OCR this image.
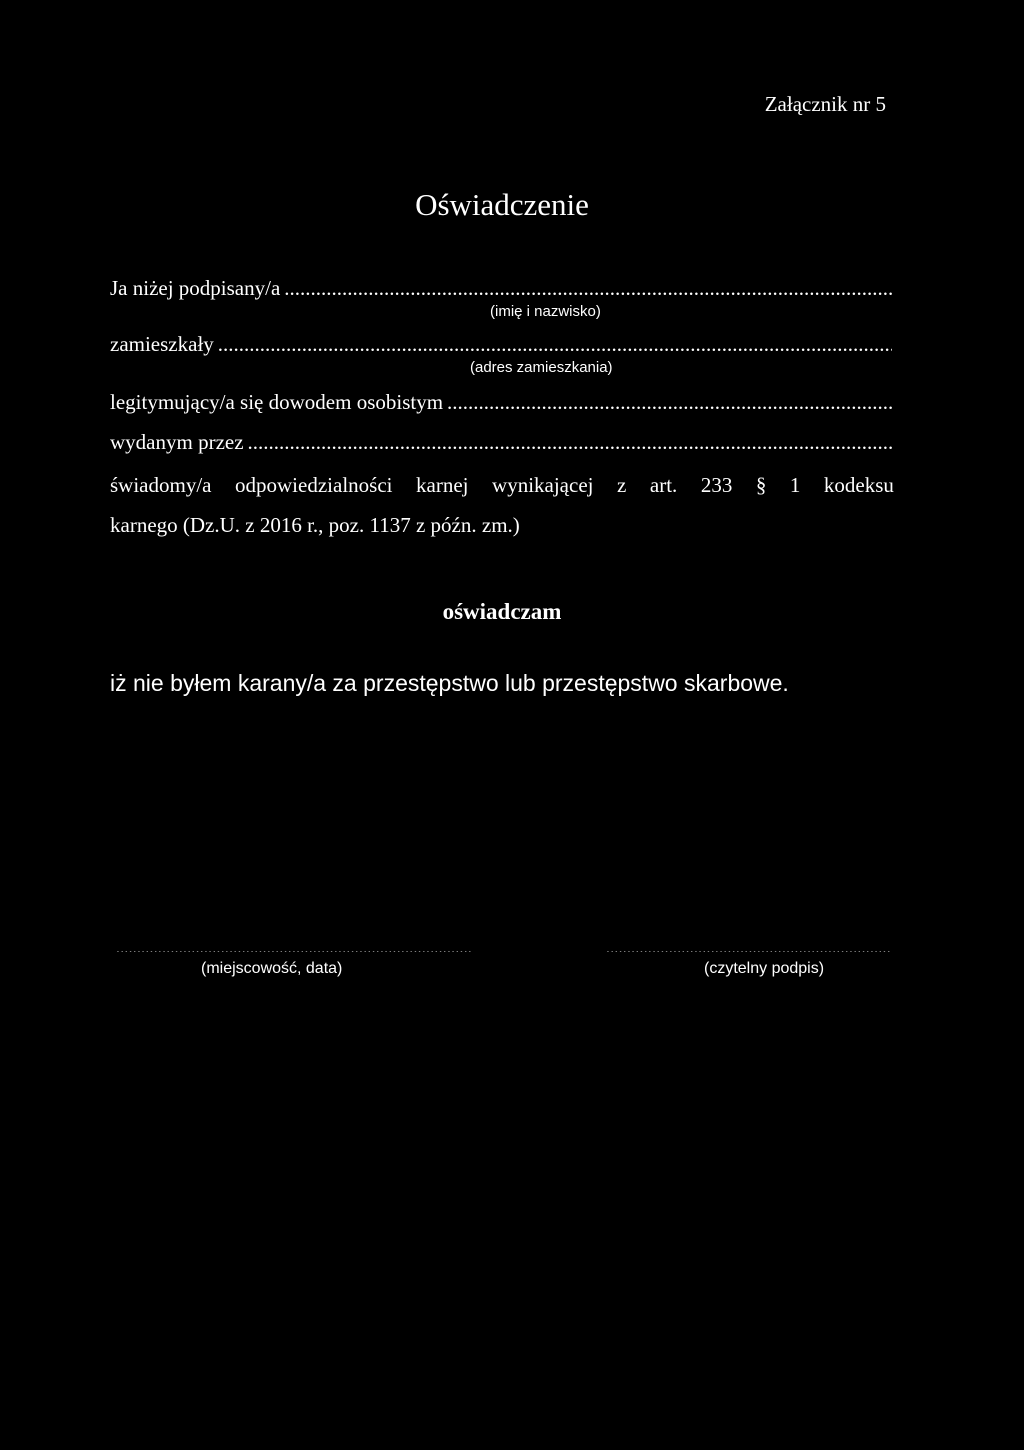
Załącznik nr 5
Oświadczenie
Ja niżej podpisany/a
.....
(imię i nazwisko)
zamieszkały
.....
(adres zamieszkania)
legitymujący/a się dowodem osobistym
.....
wydanym przez
.....
świadomy/a odpowiedzialności karnej wynikającej z art. 233 § 1 kodeksu
karnego (Dz.U. z 2016 r., poz. 1137 z późn. zm.)
oświadczam
iż nie byłem karany/a za przestępstwo lub przestępstwo skarbowe.
.....
.....
(miejscowość, data)	(czytelny podpis)
